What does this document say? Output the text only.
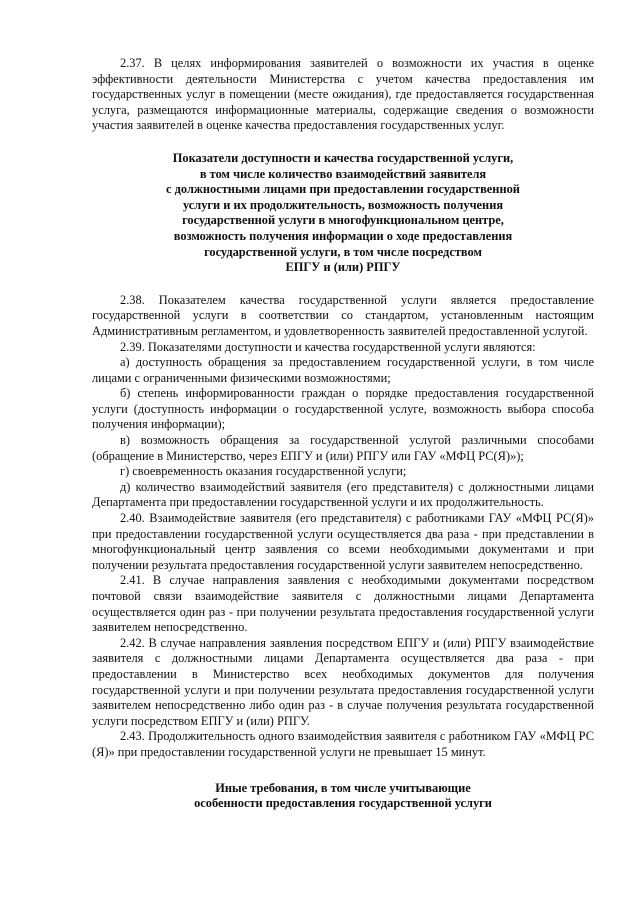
2.37. В целях информирования заявителей о возможности их участия в оценке эффективности деятельности Министерства с учетом качества предоставления им государственных услуг в помещении (месте ожидания), где предоставляется государственная услуга, размещаются информационные материалы, содержащие сведения о возможности участия заявителей в оценке качества предоставления государственных услуг.

Показатели доступности и качества государственной услуги,
в том числе количество взаимодействий заявителя
с должностными лицами при предоставлении государственной
услуги и их продолжительность, возможность получения
государственной услуги в многофункциональном центре,
возможность получения информации о ходе предоставления
государственной услуги, в том числе посредством
ЕПГУ и (или) РПГУ

2.38. Показателем качества государственной услуги является предоставление государственной услуги в соответствии со стандартом, установленным настоящим Административным регламентом, и удовлетворенность заявителей предоставленной услугой.

2.39. Показателями доступности и качества государственной услуги являются:

а) доступность обращения за предоставлением государственной услуги, в том числе лицами с ограниченными физическими возможностями;

б) степень информированности граждан о порядке предоставления государственной услуги (доступность информации о государственной услуге, возможность выбора способа получения информации);

в) возможность обращения за государственной услугой различными способами (обращение в Министерство, через ЕПГУ и (или) РПГУ или ГАУ «МФЦ РС(Я)»);

г) своевременность оказания государственной услуги;

д) количество взаимодействий заявителя (его представителя) с должностными лицами Департамента при предоставлении государственной услуги и их продолжительность.

2.40. Взаимодействие заявителя (его представителя) с работниками ГАУ «МФЦ РС(Я)» при предоставлении государственной услуги осуществляется два раза - при представлении в многофункциональный центр заявления со всеми необходимыми документами и при получении результата предоставления государственной услуги заявителем непосредственно.

2.41. В случае направления заявления с необходимыми документами посредством почтовой связи взаимодействие заявителя с должностными лицами Департамента осуществляется один раз - при получении результата предоставления государственной услуги заявителем непосредственно.

2.42. В случае направления заявления посредством ЕПГУ и (или) РПГУ взаимодействие заявителя с должностными лицами Департамента осуществляется два раза - при предоставлении в Министерство всех необходимых документов для получения государственной услуги и при получении результата предоставления государственной услуги заявителем непосредственно либо один раз - в случае получения результата государственной услуги посредством ЕПГУ и (или) РПГУ.

2.43. Продолжительность одного взаимодействия заявителя с работником ГАУ «МФЦ РС (Я)» при предоставлении государственной услуги не превышает 15 минут.

Иные требования, в том числе учитывающие
особенности предоставления государственной услуги
